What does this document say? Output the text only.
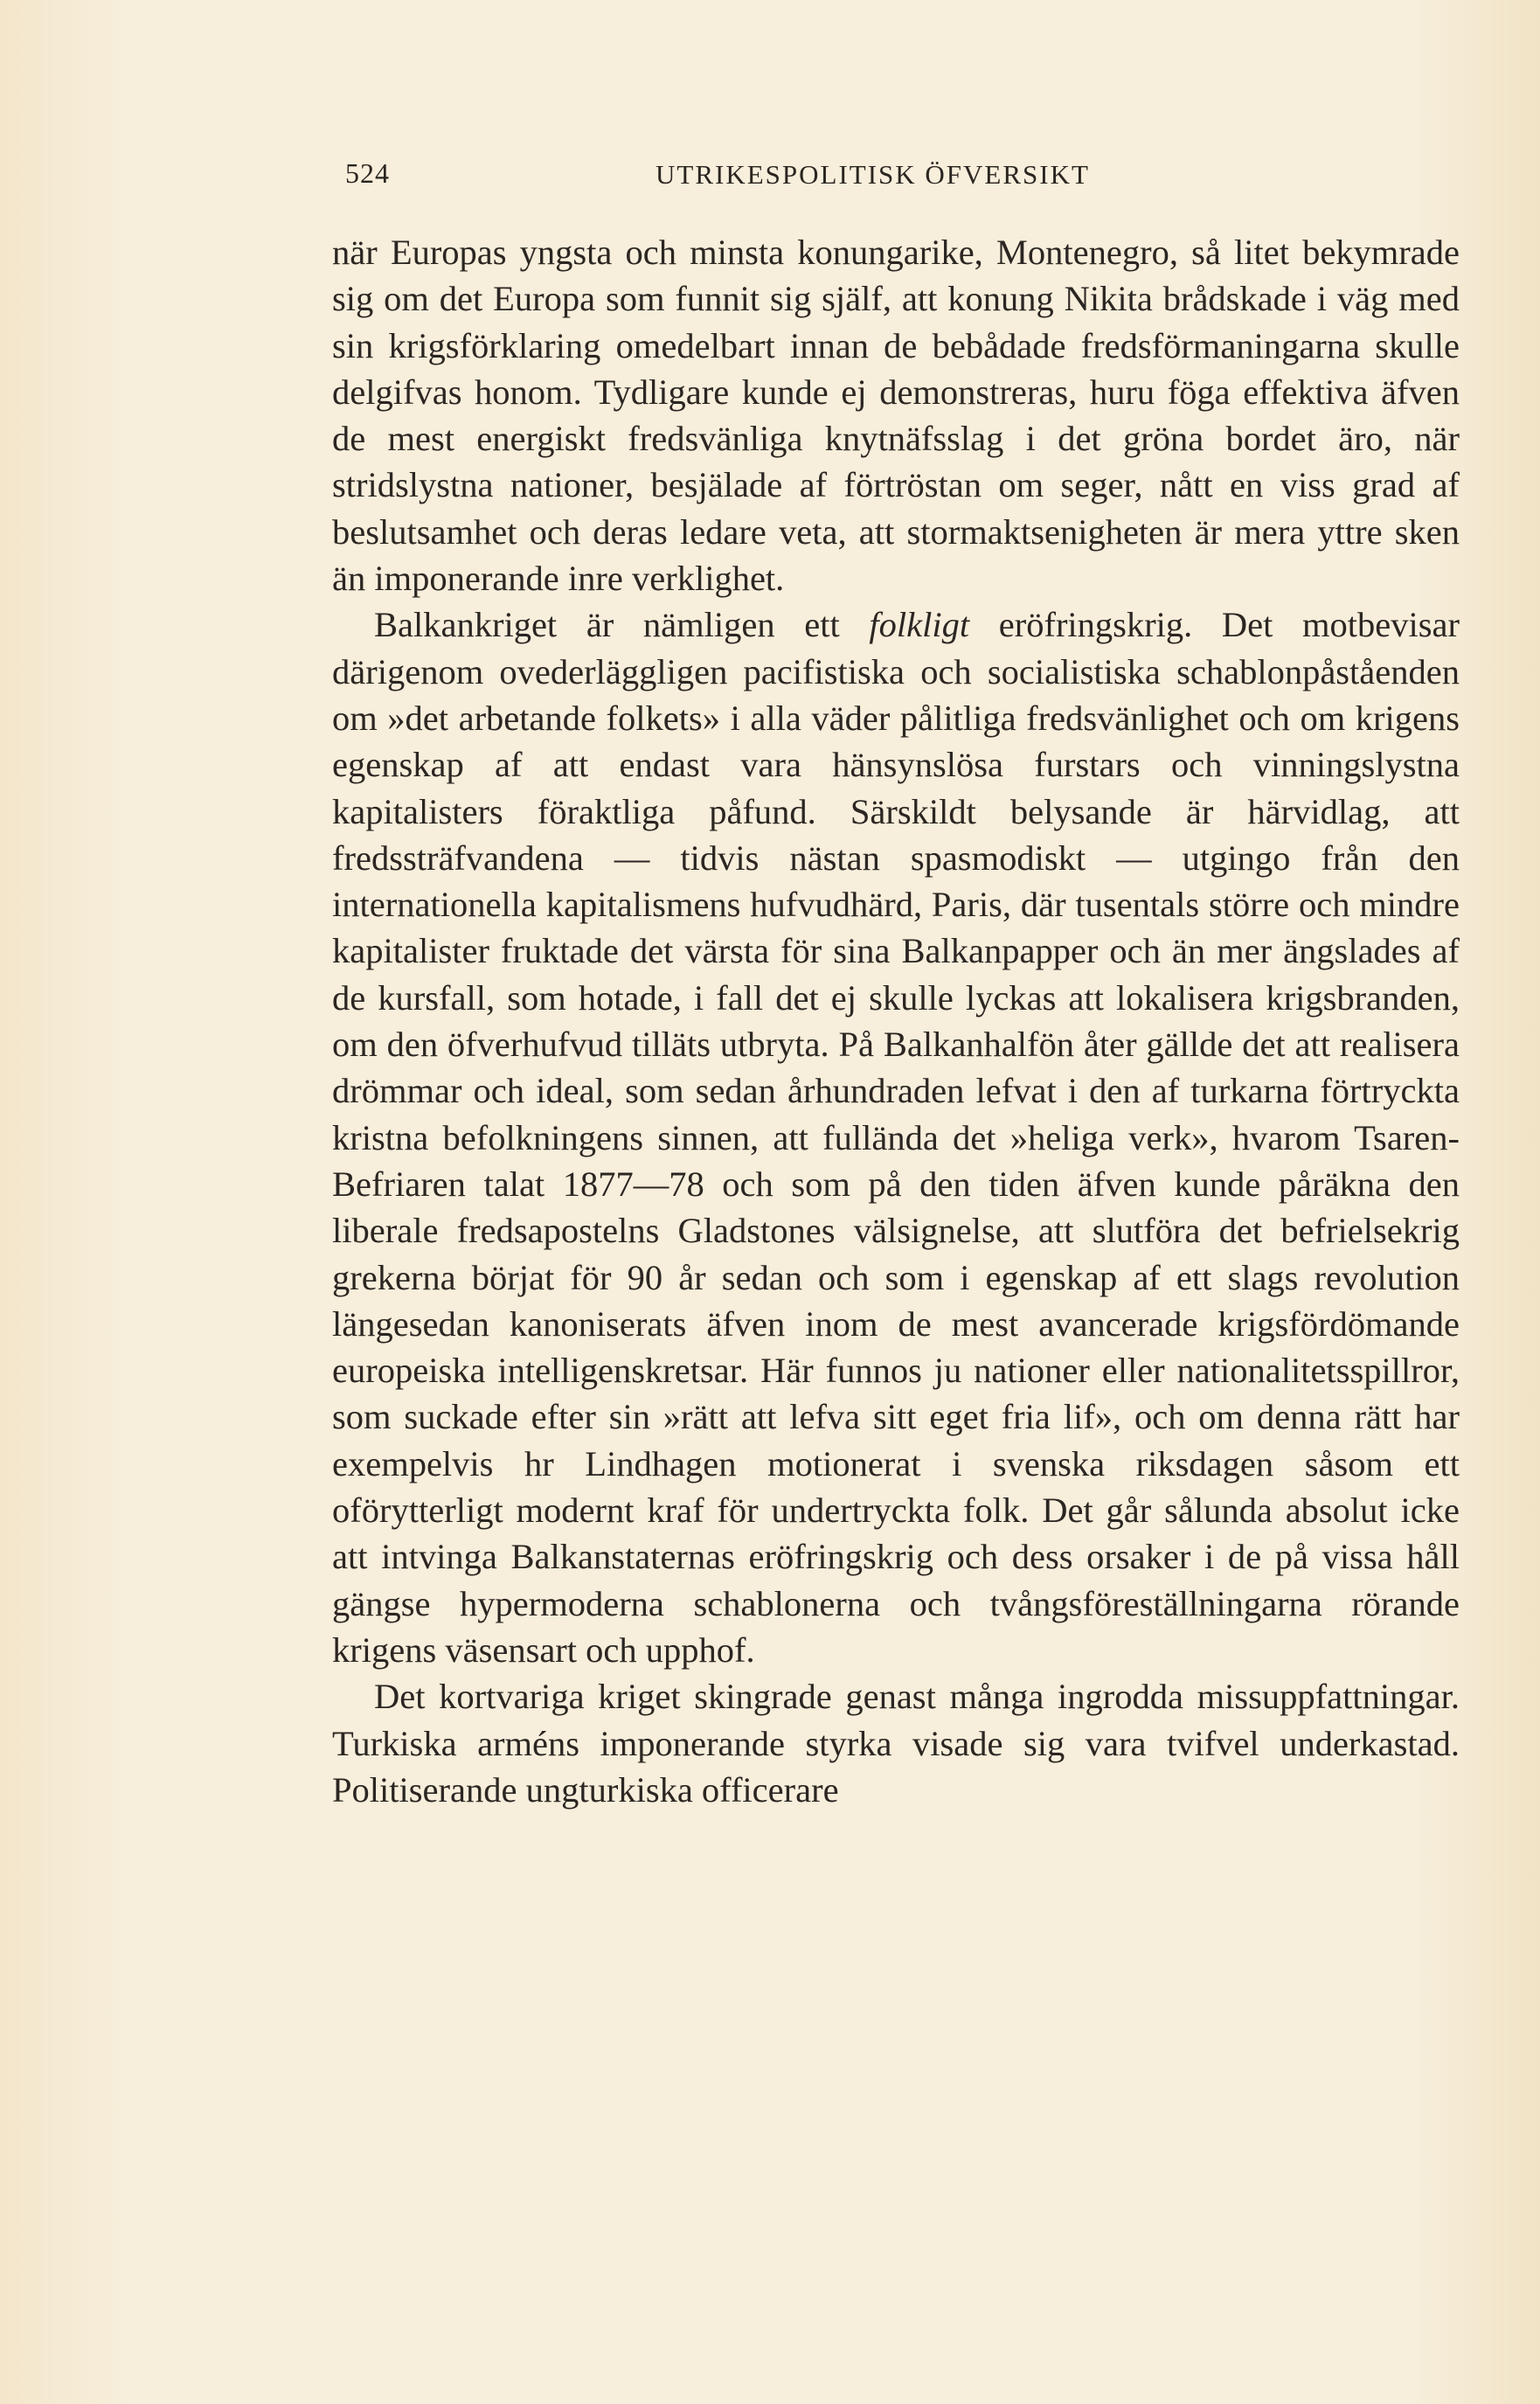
524	UTRIKESPOLITISK ÖFVERSIKT

när Europas yngsta och minsta konungarike, Montenegro, så litet bekymrade sig om det Europa som funnit sig själf, att konung Nikita brådskade i väg med sin krigsförklaring omedelbart innan de bebådade fredsförmaningarna skulle delgifvas honom. Tydligare kunde ej demonstreras, huru föga effektiva äfven de mest energiskt fredsvänliga knytnäfsslag i det gröna bordet äro, när stridslystna nationer, besjälade af förtröstan om seger, nått en viss grad af beslutsamhet och deras ledare veta, att stormaktsenigheten är mera yttre sken än imponerande inre verklighet.

Balkankriget är nämligen ett folkligt eröfringskrig. Det motbevisar därigenom ovederläggligen pacifistiska och socialistiska schablonpåståenden om »det arbetande folkets» i alla väder pålitliga fredsvänlighet och om krigens egenskap af att endast vara hänsynslösa furstars och vinningslystna kapitalisters föraktliga påfund. Särskildt belysande är härvidlag, att fredssträfvandena — tidvis nästan spasmodiskt — utgingo från den internationella kapitalismens hufvudhärd, Paris, där tusentals större och mindre kapitalister fruktade det värsta för sina Balkanpapper och än mer ängslades af de kursfall, som hotade, i fall det ej skulle lyckas att lokalisera krigsbranden, om den öfverhufvud tilläts utbryta. På Balkanhalfön åter gällde det att realisera drömmar och ideal, som sedan århundraden lefvat i den af turkarna förtryckta kristna befolkningens sinnen, att fullända det »heliga verk», hvarom Tsaren-Befriaren talat 1877—78 och som på den tiden äfven kunde påräkna den liberale fredsapostelns Gladstones välsignelse, att slutföra det befrielsekrig grekerna börjat för 90 år sedan och som i egenskap af ett slags revolution längesedan kanoniserats äfven inom de mest avancerade krigsfördömande europeiska intelligenskretsar. Här funnos ju nationer eller nationalitetsspillror, som suckade efter sin »rätt att lefva sitt eget fria lif», och om denna rätt har exempelvis hr Lindhagen motionerat i svenska riksdagen såsom ett oförytterligt modernt kraf för undertryckta folk. Det går sålunda absolut icke att intvinga Balkanstaternas eröfringskrig och dess orsaker i de på vissa håll gängse hypermoderna schablonerna och tvångsföreställningarna rörande krigens väsensart och upphof.

Det kortvariga kriget skingrade genast många ingrodda missuppfattningar. Turkiska arméns imponerande styrka visade sig vara tvifvel underkastad. Politiserande ungturkiska officerare
